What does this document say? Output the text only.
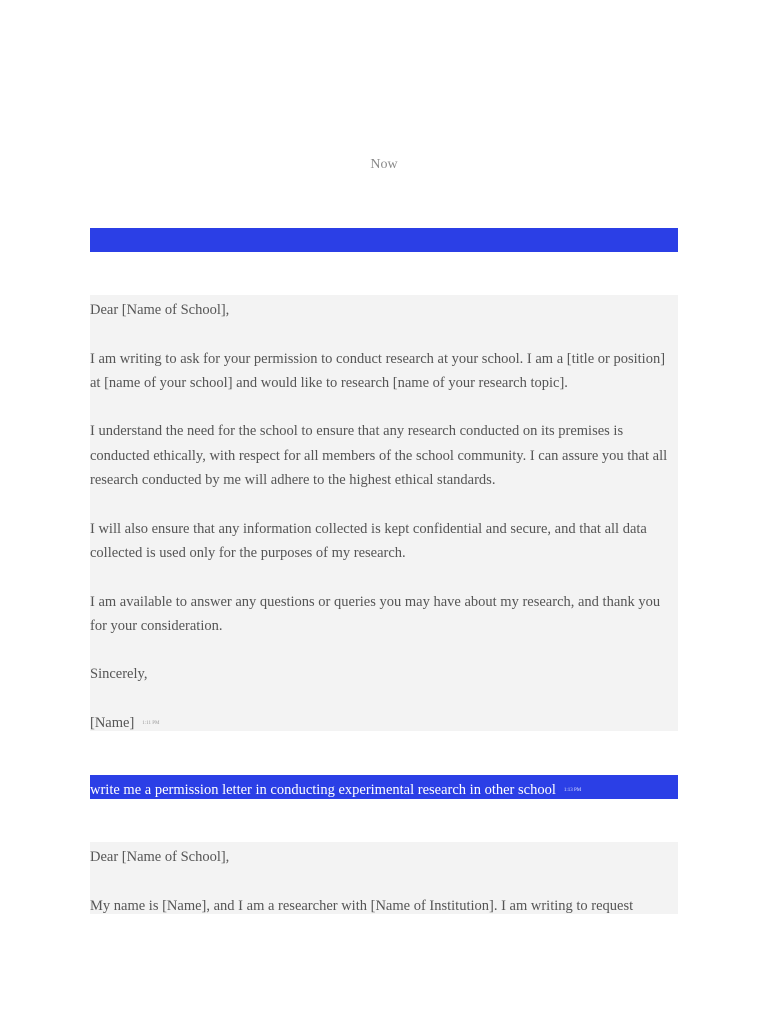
Now

Dear [Name of School],

I am writing to ask for your permission to conduct research at your school. I am a [title or position] at [name of your school] and would like to research [name of your research topic].

I understand the need for the school to ensure that any research conducted on its premises is conducted ethically, with respect for all members of the school community. I can assure you that all research conducted by me will adhere to the highest ethical standards.

I will also ensure that any information collected is kept confidential and secure, and that all data collected is used only for the purposes of my research.

I am available to answer any questions or queries you may have about my research, and thank you for your consideration.

Sincerely,

[Name] 1:11 PM

write me a permission letter in conducting experimental research in other school 1:13 PM

Dear [Name of School],

My name is [Name], and I am a researcher with [Name of Institution]. I am writing to request
